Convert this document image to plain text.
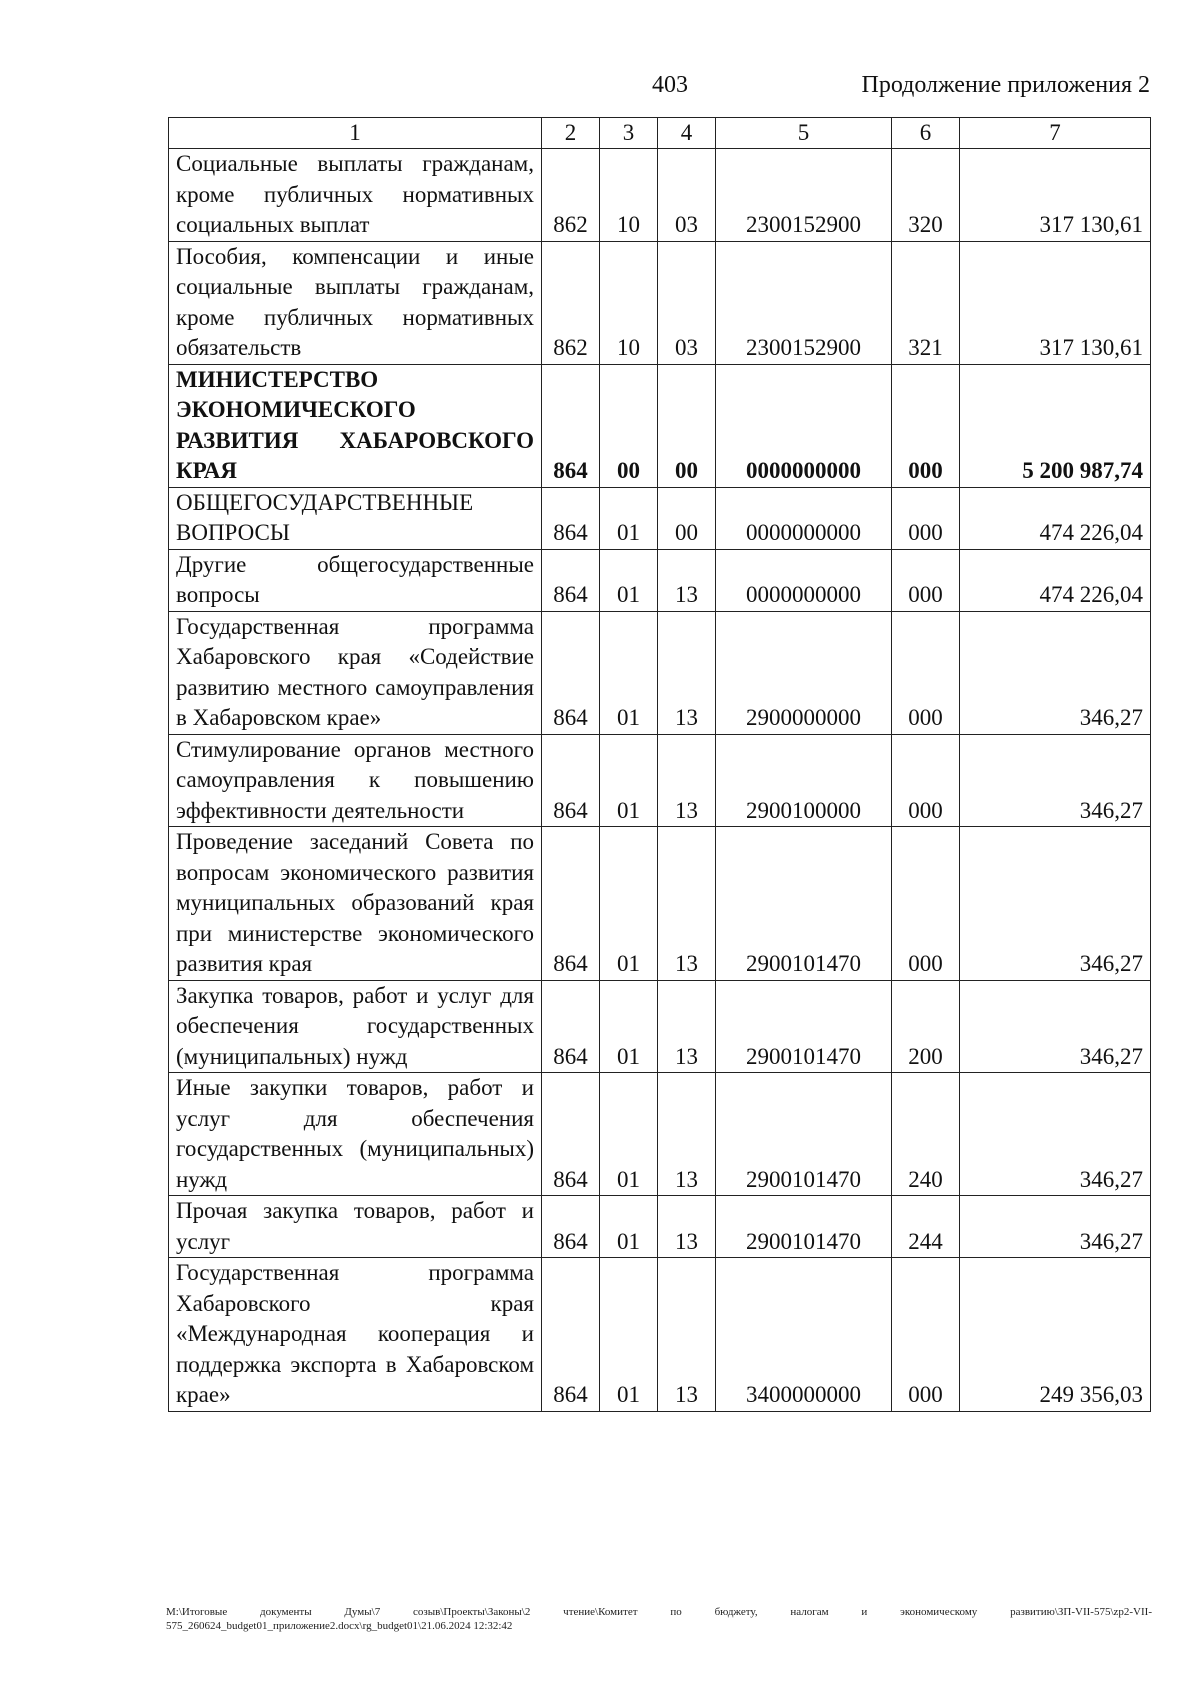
403	Продолжение приложения 2
1	2	3	4	5	6	7
Социальные выплаты гражданам, кроме публичных нормативных социальных выплат	862	10	03	2300152900	320	317 130,61
Пособия, компенсации и иные социальные выплаты гражданам, кроме публичных нормативных обязательств	862	10	03	2300152900	321	317 130,61
МИНИСТЕРСТВО ЭКОНОМИЧЕСКОГО РАЗВИТИЯ ХАБАРОВСКОГО КРАЯ	864	00	00	0000000000	000	5 200 987,74
ОБЩЕГОСУДАРСТВЕННЫЕ ВОПРОСЫ	864	01	00	0000000000	000	474 226,04
Другие общегосударственные вопросы	864	01	13	0000000000	000	474 226,04
Государственная программа Хабаровского края «Содействие развитию местного самоуправления в Хабаровском крае»	864	01	13	2900000000	000	346,27
Стимулирование органов местного самоуправления к повышению эффективности деятельности	864	01	13	2900100000	000	346,27
Проведение заседаний Совета по вопросам экономического развития муниципальных образований края при министерстве экономического развития края	864	01	13	2900101470	000	346,27
Закупка товаров, работ и услуг для обеспечения государственных (муниципальных) нужд	864	01	13	2900101470	200	346,27
Иные закупки товаров, работ и услуг для обеспечения государственных (муниципальных) нужд	864	01	13	2900101470	240	346,27
Прочая закупка товаров, работ и услуг	864	01	13	2900101470	244	346,27
Государственная программа Хабаровского края «Международная кооперация и поддержка экспорта в Хабаровском крае»	864	01	13	3400000000	000	249 356,03
М:\Итоговые документы Думы\7 созыв\Проекты\Законы\2 чтение\Комитет по бюджету, налогам и экономическому развитию\ЗП-VII-575\zp2-VII-575_260624_budget01_приложение2.docx\rg_budget01\21.06.2024 12:32:42
